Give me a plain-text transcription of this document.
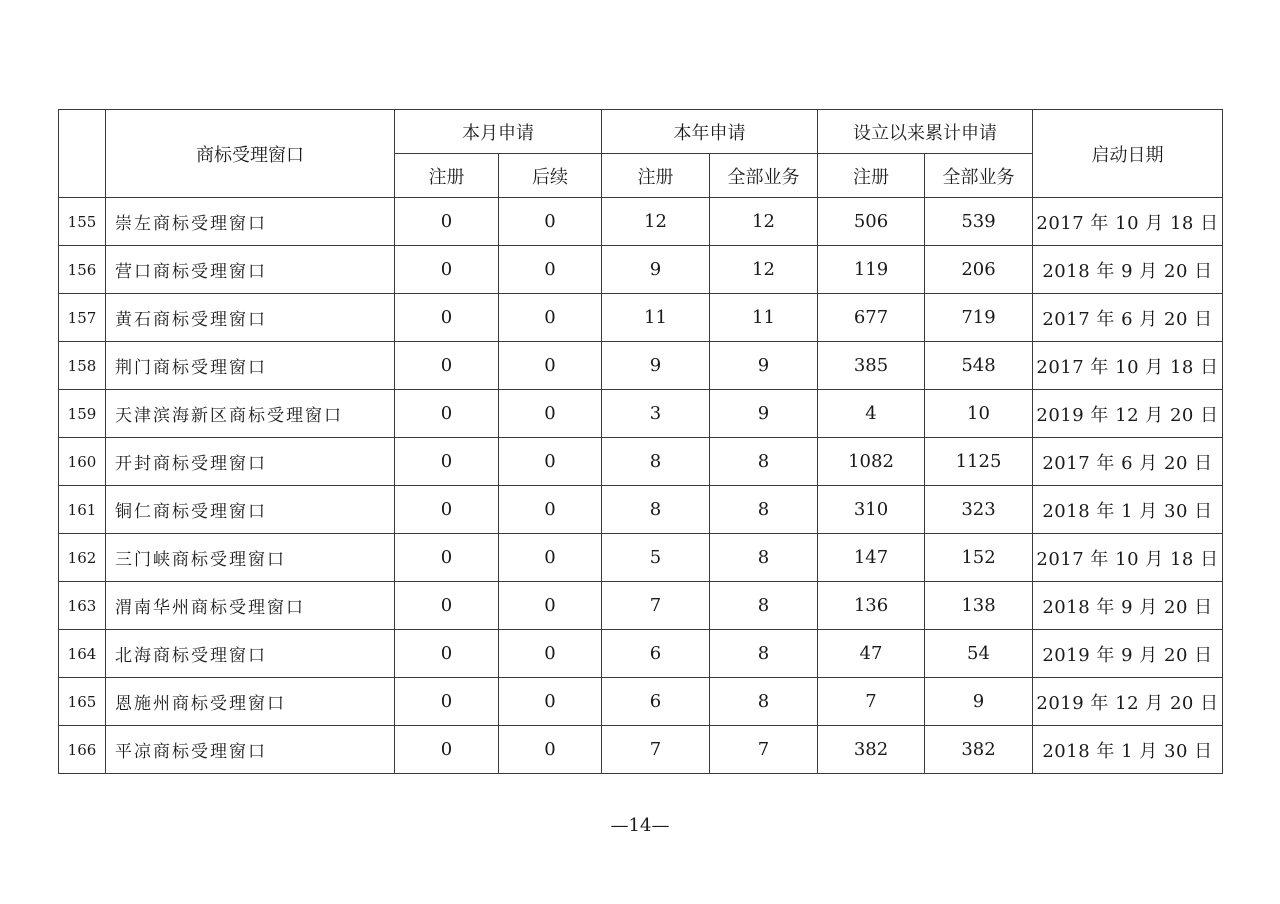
	商标受理窗口	本月申请		本年申请		设立以来累计申请		启动日期
		注册	后续	注册	全部业务	注册	全部业务	
155	崇左商标受理窗口	0	0	12	12	506	539	2017 年 10 月 18 日
156	营口商标受理窗口	0	0	9	12	119	206	2018 年 9 月 20 日
157	黄石商标受理窗口	0	0	11	11	677	719	2017 年 6 月 20 日
158	荆门商标受理窗口	0	0	9	9	385	548	2017 年 10 月 18 日
159	天津滨海新区商标受理窗口	0	0	3	9	4	10	2019 年 12 月 20 日
160	开封商标受理窗口	0	0	8	8	1082	1125	2017 年 6 月 20 日
161	铜仁商标受理窗口	0	0	8	8	310	323	2018 年 1 月 30 日
162	三门峡商标受理窗口	0	0	5	8	147	152	2017 年 10 月 18 日
163	渭南华州商标受理窗口	0	0	7	8	136	138	2018 年 9 月 20 日
164	北海商标受理窗口	0	0	6	8	47	54	2019 年 9 月 20 日
165	恩施州商标受理窗口	0	0	6	8	7	9	2019 年 12 月 20 日
166	平凉商标受理窗口	0	0	7	7	382	382	2018 年 1 月 30 日
—14—
